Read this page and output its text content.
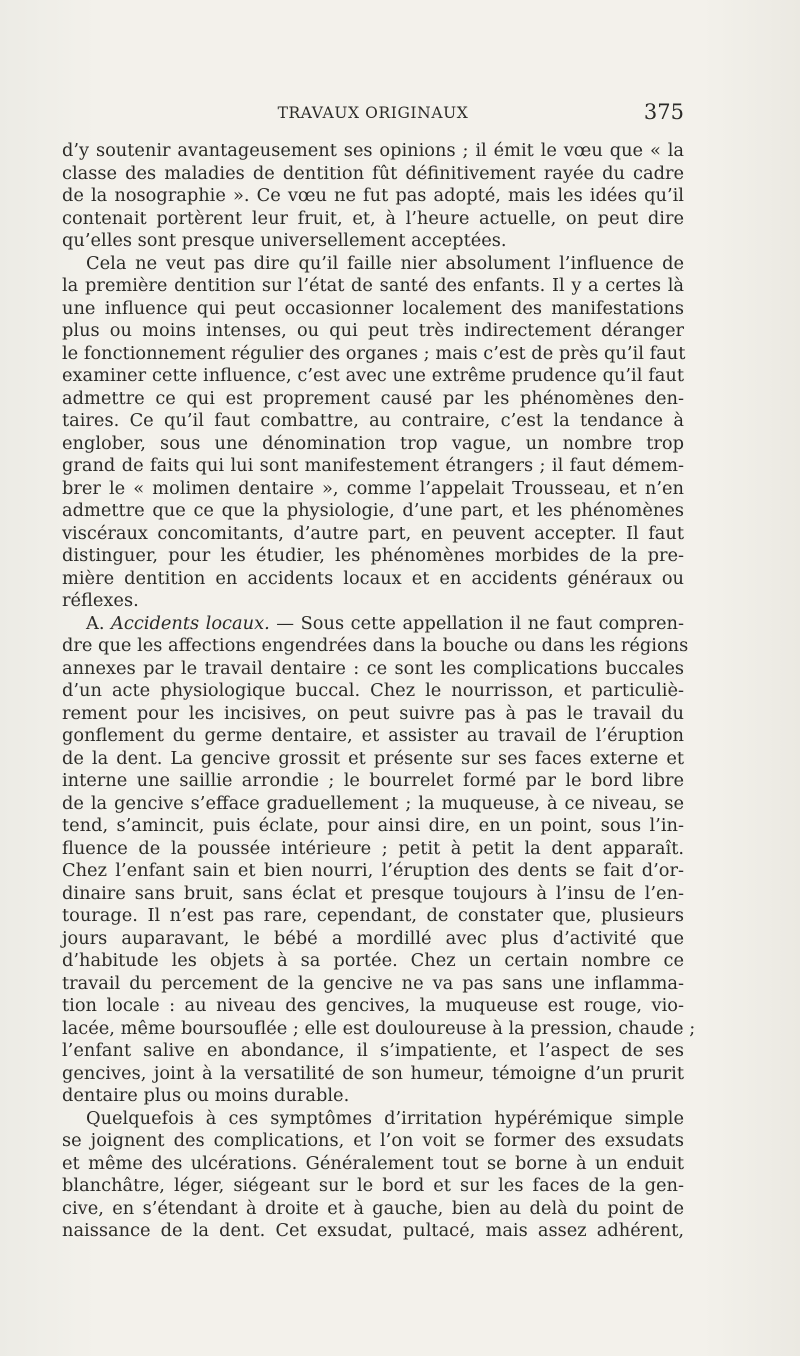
TRAVAUX ORIGINAUX	375
d’y soutenir avantageusement ses opinions ; il émit le vœu que « la
classe des maladies de dentition fût définitivement rayée du cadre
de la nosographie ». Ce vœu ne fut pas adopté, mais les idées qu’il
contenait portèrent leur fruit, et, à l’heure actuelle, on peut dire
qu’elles sont presque universellement acceptées.
Cela ne veut pas dire qu’il faille nier absolument l’influence de
la première dentition sur l’état de santé des enfants. Il y a certes là
une influence qui peut occasionner localement des manifestations
plus ou moins intenses, ou qui peut très indirectement déranger
le fonctionnement régulier des organes ; mais c’est de près qu’il faut
examiner cette influence, c’est avec une extrême prudence qu’il faut
admettre ce qui est proprement causé par les phénomènes den-
taires. Ce qu’il faut combattre, au contraire, c’est la tendance à
englober, sous une dénomination trop vague, un nombre trop
grand de faits qui lui sont manifestement étrangers ; il faut démem-
brer le « molimen dentaire », comme l’appelait Trousseau, et n’en
admettre que ce que la physiologie, d’une part, et les phénomènes
viscéraux concomitants, d’autre part, en peuvent accepter. Il faut
distinguer, pour les étudier, les phénomènes morbides de la pre-
mière dentition en accidents locaux et en accidents généraux ou
réflexes.
A. Accidents locaux. — Sous cette appellation il ne faut compren-
dre que les affections engendrées dans la bouche ou dans les régions
annexes par le travail dentaire : ce sont les complications buccales
d’un acte physiologique buccal. Chez le nourrisson, et particuliè-
rement pour les incisives, on peut suivre pas à pas le travail du
gonflement du germe dentaire, et assister au travail de l’éruption
de la dent. La gencive grossit et présente sur ses faces externe et
interne une saillie arrondie ; le bourrelet formé par le bord libre
de la gencive s’efface graduellement ; la muqueuse, à ce niveau, se
tend, s’amincit, puis éclate, pour ainsi dire, en un point, sous l’in-
fluence de la poussée intérieure ; petit à petit la dent apparaît.
Chez l’enfant sain et bien nourri, l’éruption des dents se fait d’or-
dinaire sans bruit, sans éclat et presque toujours à l’insu de l’en-
tourage. Il n’est pas rare, cependant, de constater que, plusieurs
jours auparavant, le bébé a mordillé avec plus d’activité que
d’habitude les objets à sa portée. Chez un certain nombre ce
travail du percement de la gencive ne va pas sans une inflamma-
tion locale : au niveau des gencives, la muqueuse est rouge, vio-
lacée, même boursouflée ; elle est douloureuse à la pression, chaude ;
l’enfant salive en abondance, il s’impatiente, et l’aspect de ses
gencives, joint à la versatilité de son humeur, témoigne d’un prurit
dentaire plus ou moins durable.
Quelquefois à ces symptômes d’irritation hypérémique simple
se joignent des complications, et l’on voit se former des exsudats
et même des ulcérations. Généralement tout se borne à un enduit
blanchâtre, léger, siégeant sur le bord et sur les faces de la gen-
cive, en s’étendant à droite et à gauche, bien au delà du point de
naissance de la dent. Cet exsudat, pultacé, mais assez adhérent,
